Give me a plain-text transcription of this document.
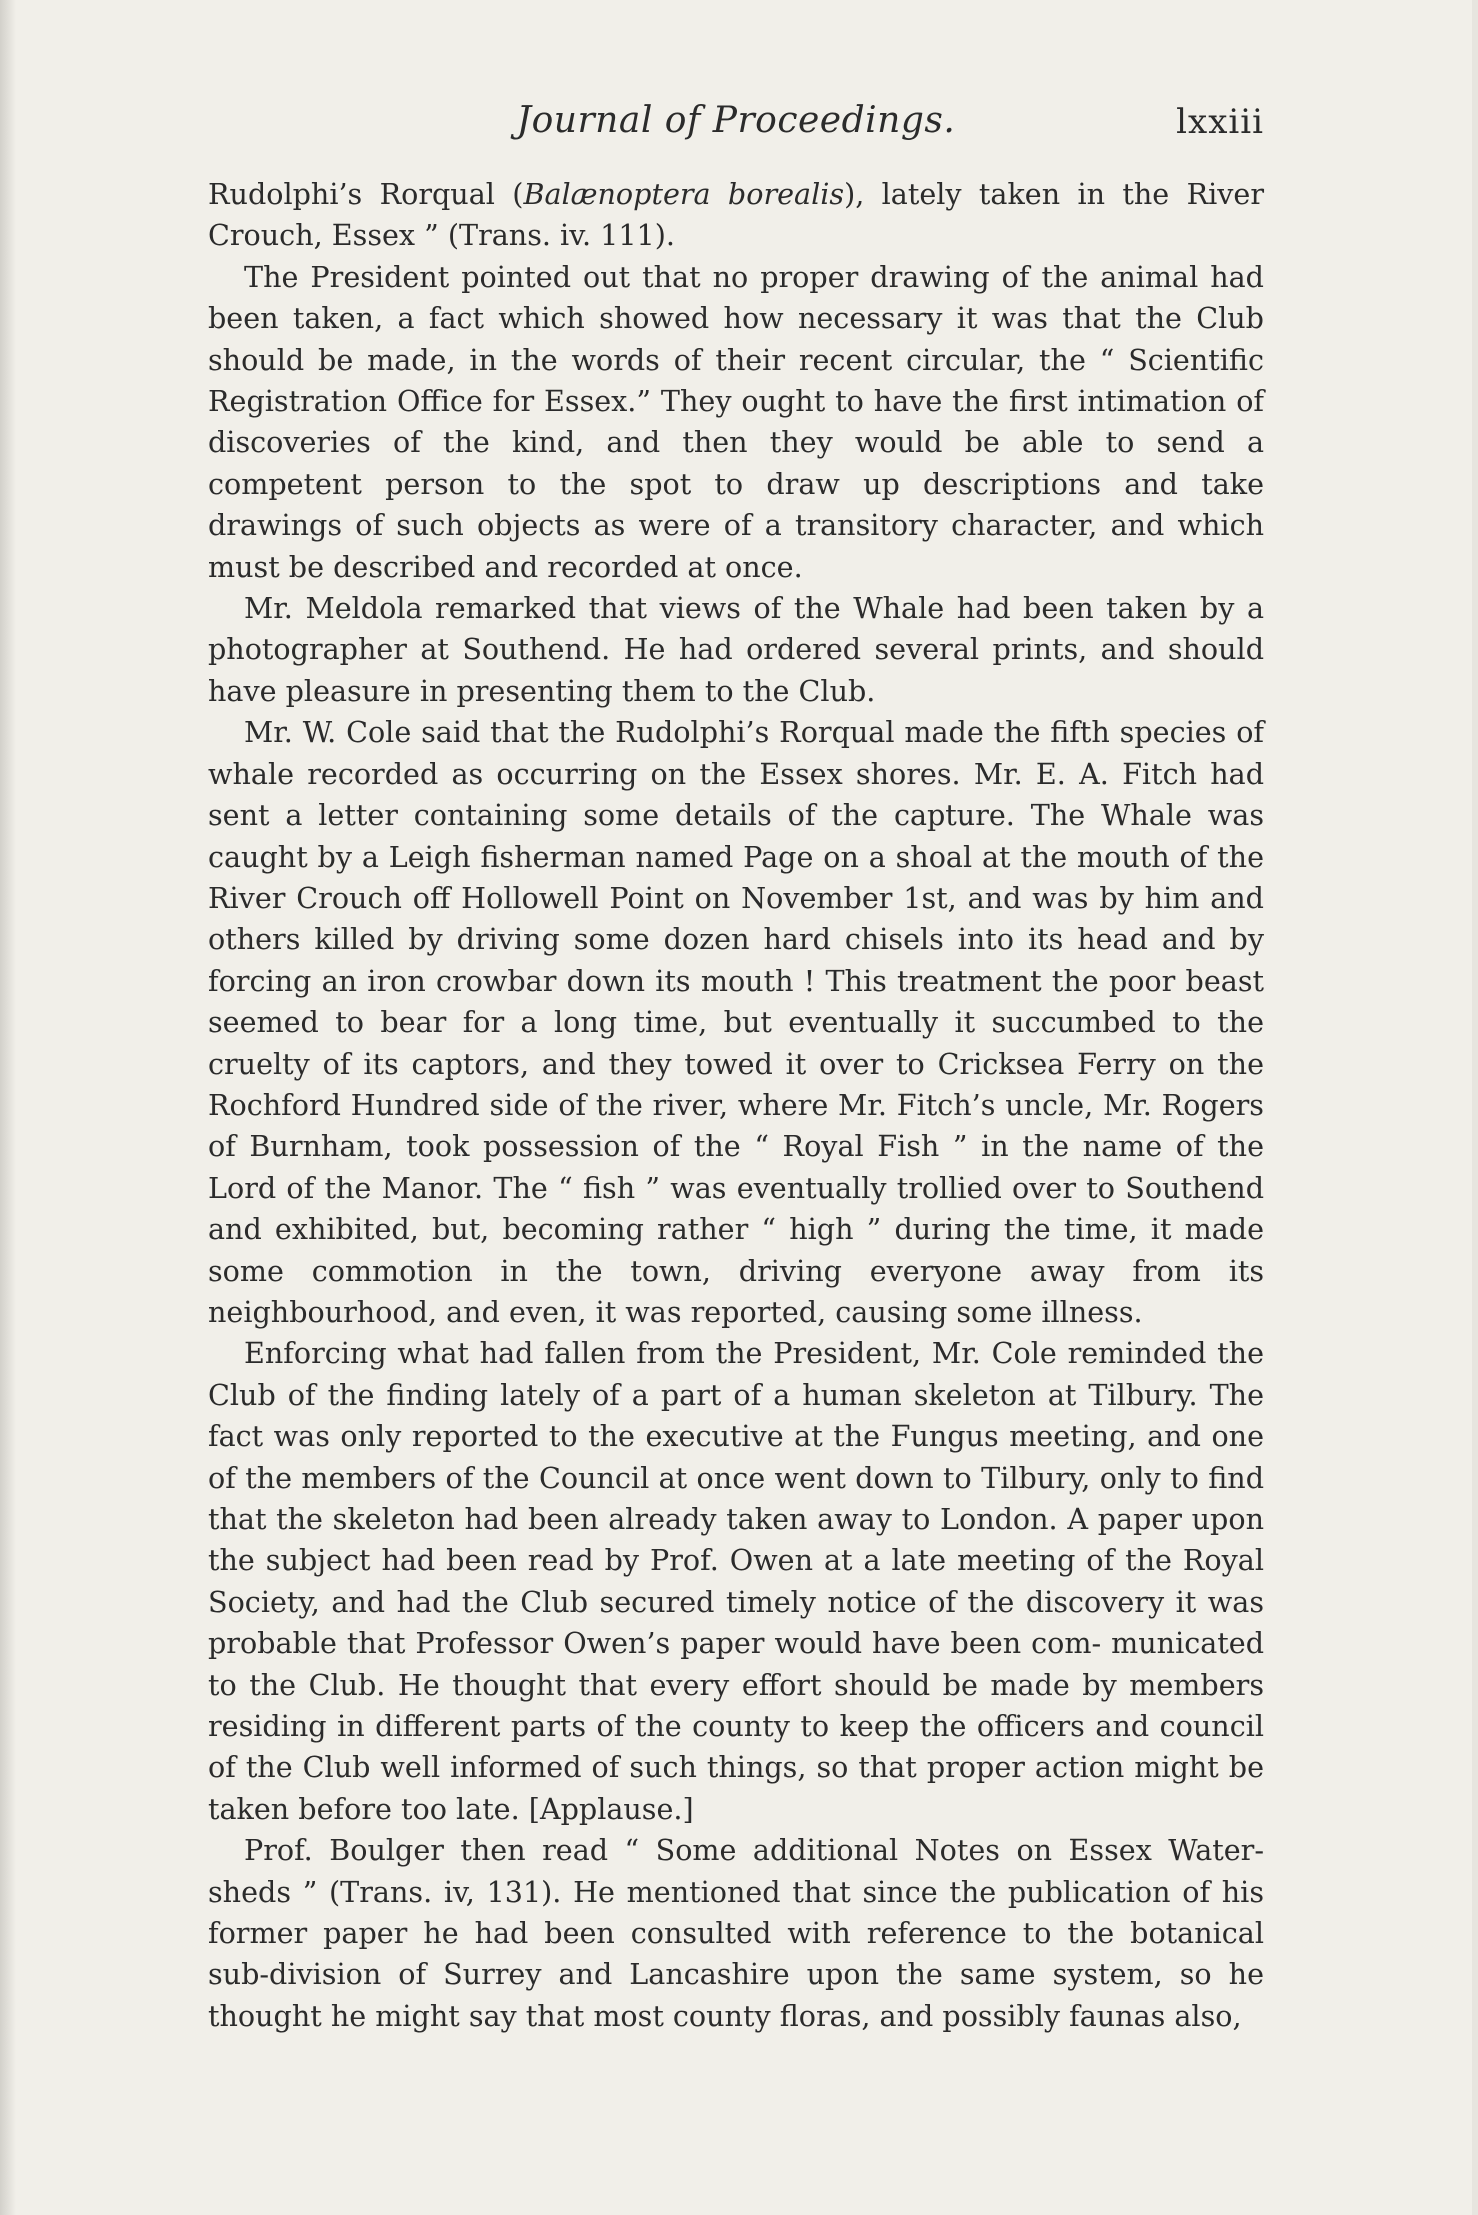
Journal of Proceedings.	lxxiii

Rudolphi’s Rorqual (Balænoptera borealis), lately taken in the River Crouch, Essex ” (Trans. iv. 111).

The President pointed out that no proper drawing of the animal had been taken, a fact which showed how necessary it was that the Club should be made, in the words of their recent circular, the “ Scientific Registration Office for Essex.” They ought to have the first intimation of discoveries of the kind, and then they would be able to send a competent person to the spot to draw up descriptions and take drawings of such objects as were of a transitory character, and which must be described and recorded at once.

Mr. Meldola remarked that views of the Whale had been taken by a photographer at Southend. He had ordered several prints, and should have pleasure in presenting them to the Club.

Mr. W. Cole said that the Rudolphi’s Rorqual made the fifth species of whale recorded as occurring on the Essex shores. Mr. E. A. Fitch had sent a letter containing some details of the capture. The Whale was caught by a Leigh fisherman named Page on a shoal at the mouth of the River Crouch off Hollowell Point on November 1st, and was by him and others killed by driving some dozen hard chisels into its head and by forcing an iron crowbar down its mouth ! This treatment the poor beast seemed to bear for a long time, but eventually it succumbed to the cruelty of its captors, and they towed it over to Cricksea Ferry on the Rochford Hundred side of the river, where Mr. Fitch’s uncle, Mr. Rogers of Burnham, took possession of the “ Royal Fish ” in the name of the Lord of the Manor. The “ fish ” was eventually trollied over to Southend and exhibited, but, becoming rather “ high ” during the time, it made some commotion in the town, driving everyone away from its neighbourhood, and even, it was reported, causing some illness.

Enforcing what had fallen from the President, Mr. Cole reminded the Club of the finding lately of a part of a human skeleton at Tilbury. The fact was only reported to the executive at the Fungus meeting, and one of the members of the Council at once went down to Tilbury, only to find that the skeleton had been already taken away to London. A paper upon the subject had been read by Prof. Owen at a late meeting of the Royal Society, and had the Club secured timely notice of the discovery it was probable that Professor Owen’s paper would have been com- municated to the Club. He thought that every effort should be made by members residing in different parts of the county to keep the officers and council of the Club well informed of such things, so that proper action might be taken before too late. [Applause.]

Prof. Boulger then read “ Some additional Notes on Essex Water- sheds ” (Trans. iv, 131). He mentioned that since the publication of his former paper he had been consulted with reference to the botanical sub-division of Surrey and Lancashire upon the same system, so he thought he might say that most county floras, and possibly faunas also,
